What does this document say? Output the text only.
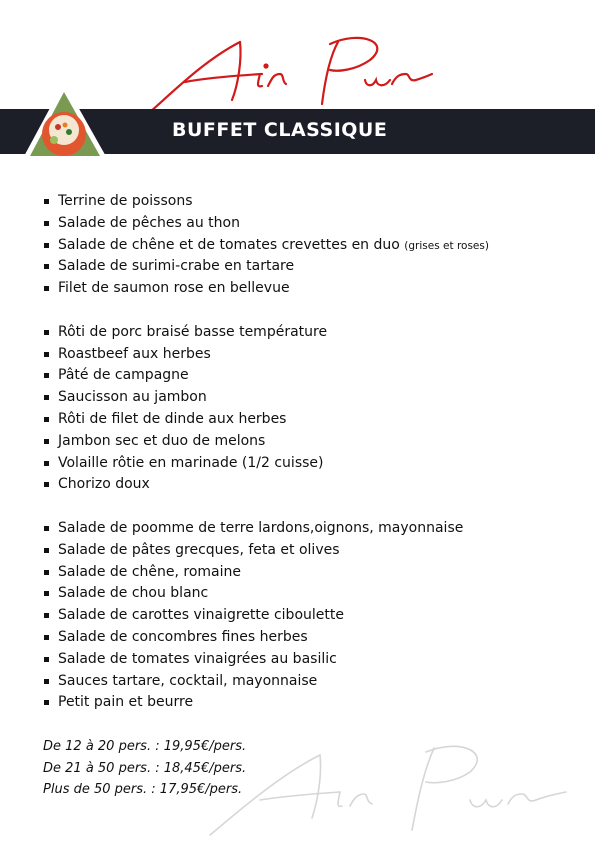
BUFFET CLASSIQUE
Terrine de poissons
Salade de pêches au thon
Salade de chêne et de tomates crevettes en duo (grises et roses)
Salade de surimi-crabe en tartare
Filet de saumon rose en bellevue
Rôti de porc braisé basse température
Roastbeef aux herbes
Pâté de campagne
Saucisson au jambon
Rôti de filet de dinde aux herbes
Jambon sec et duo de melons
Volaille rôtie en marinade (1/2 cuisse)
Chorizo doux
Salade de poomme de terre lardons,oignons, mayonnaise
Salade de pâtes grecques, feta et olives
Salade de chêne, romaine
Salade de chou blanc
Salade de carottes vinaigrette ciboulette
Salade de concombres fines herbes
Salade de tomates vinaigrées au basilic
Sauces tartare, cocktail, mayonnaise
Petit pain et beurre
De 12 à 20 pers. : 19,95€/pers.
De 21 à 50 pers. : 18,45€/pers.
Plus de 50 pers. : 17,95€/pers.
